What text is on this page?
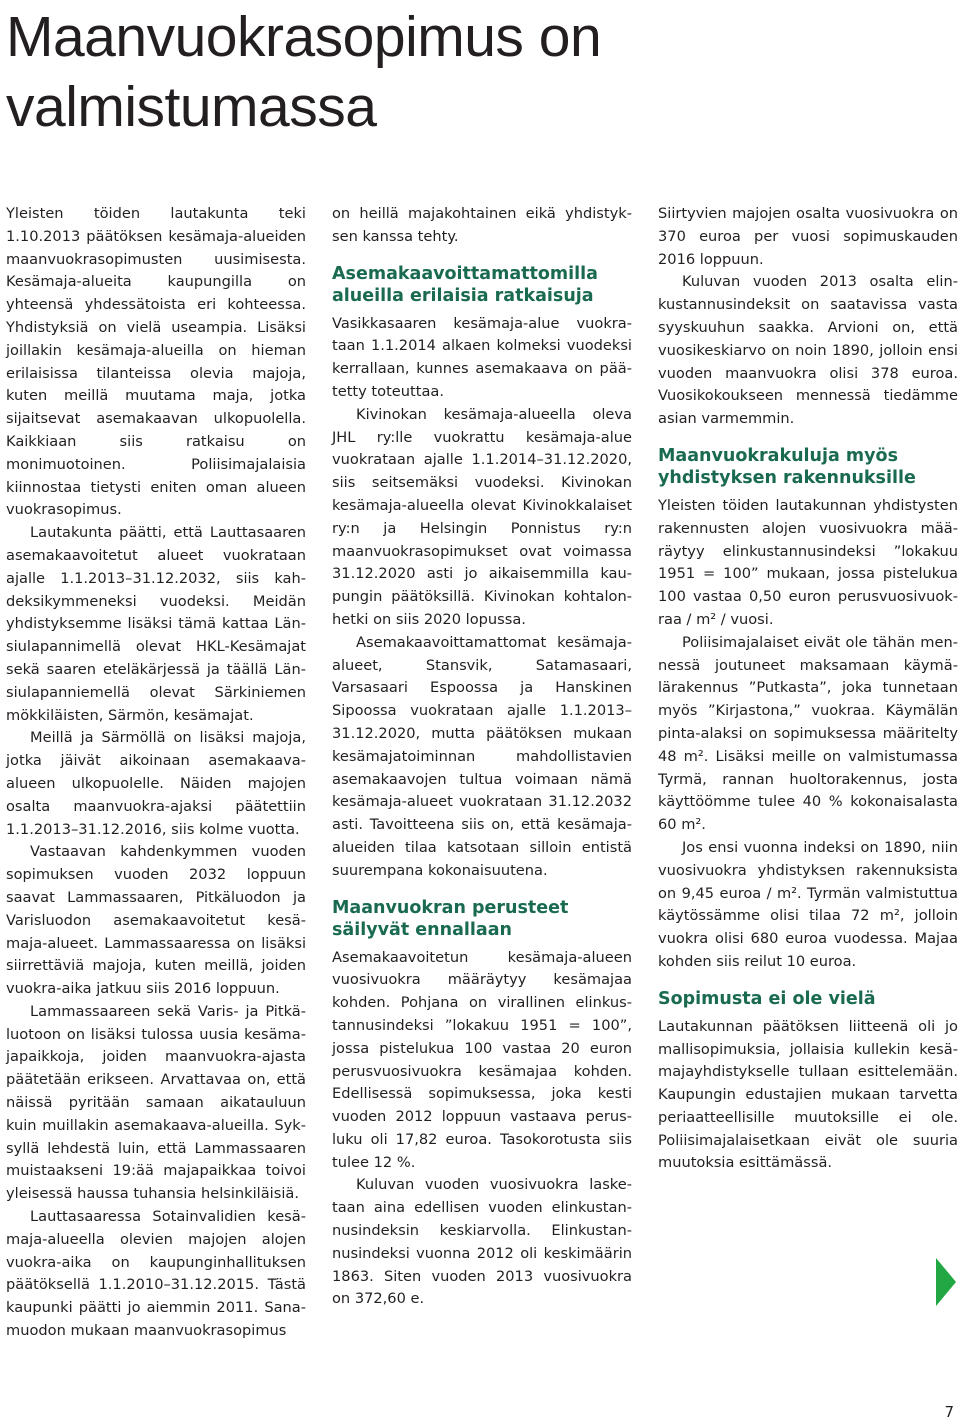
Maanvuokrasopimus on valmistumassa

Yleisten töiden lautakunta teki 1.10.2013 päätöksen kesämaja-alueiden maanvuokrasopimusten uusimisesta. Kesämaja-alueita kaupungilla on yhteensä yhdessätoista eri kohteessa. Yhdistyksiä on vielä useampia. Lisäksi joillakin kesämaja-alueilla on hieman erilaisissa tilanteissa olevia majoja, kuten meillä muutama maja, jotka sijaitsevat asemakaavan ulkopuolella. Kaikkiaan siis ratkaisu on monimuotoinen. Poliisimajalaisia kiinnostaa tietysti eniten oman alueen vuokrasopimus.

Lautakunta päätti, että Lauttasaaren asemakaavoitetut alueet vuokrataan ajalle 1.1.2013–31.12.2032, siis kahdeksikymmeneksi vuodeksi. Meidän yhdistyksemme lisäksi tämä kattaa Länsiulapannimellä olevat HKL-Kesämajat sekä saaren eteläkärjessä ja täällä Länsiulapanniemellä olevat Särkiniemen mökkiläisten, Särmön, kesämajat.

Meillä ja Särmöllä on lisäksi majoja, jotka jäivät aikoinaan asemakaavaalueen ulkopuolelle. Näiden majojen osalta maanvuokra-ajaksi päätettiin 1.1.2013–31.12.2016, siis kolme vuotta.

Vastaavan kahdenkymmen vuoden sopimuksen vuoden 2032 loppuun saavat Lammassaaren, Pitkäluodon ja Varisluodon asemakaavoitetut kesämaja-alueet. Lammassaaressa on lisäksi siirrettäviä majoja, kuten meillä, joiden vuokra-aika jatkuu siis 2016 loppuun.

Lammassaareen sekä Varis- ja Pitkäluotoon on lisäksi tulossa uusia kesämajapaikkoja, joiden maanvuokra-ajasta päätetään erikseen. Arvattavaa on, että näissä pyritään samaan aikatauluun kuin muillakin asemakaava-alueilla. Syksyllä lehdestä luin, että Lammassaaren muistaakseni 19:ää majapaikkaa toivoi yleisessä haussa tuhansia helsinkiläisiä.

Lauttasaaressa Sotainvalidien kesämaja-alueella olevien majojen alojen vuokra-aika on kaupunginhallituksen päätöksellä 1.1.2010–31.12.2015. Tästä kaupunki päätti jo aiemmin 2011. Sanamuodon mukaan maanvuokrasopimus

on heillä majakohtainen eikä yhdistyksen kanssa tehty.

Asemakaavoittamattomilla alueilla erilaisia ratkaisuja

Vasikkasaaren kesämaja-alue vuokrataan 1.1.2014 alkaen kolmeksi vuodeksi kerrallaan, kunnes asemakaava on päätetty toteuttaa.

Kivinokan kesämaja-alueella oleva JHL ry:lle vuokrattu kesämaja-alue vuokrataan ajalle 1.1.2014–31.12.2020, siis seitsemäksi vuodeksi. Kivinokan kesämaja-alueella olevat Kivinokkalaiset ry:n ja Helsingin Ponnistus ry:n maanvuokrasopimukset ovat voimassa 31.12.2020 asti jo aikaisemmilla kaupungin päätöksillä. Kivinokan kohtalonhetki on siis 2020 lopussa.

Asemakaavoittamattomat kesämajaalueet, Stansvik, Satamasaari, Varsasaari Espoossa ja Hanskinen Sipoossa vuokrataan ajalle 1.1.2013–31.12.2020, mutta päätöksen mukaan kesämajatoiminnan mahdollistavien asemakaavojen tultua voimaan nämä kesämaja-alueet vuokrataan 31.12.2032 asti. Tavoitteena siis on, että kesämaja-alueiden tilaa katsotaan silloin entistä suurempana kokonaisuutena.

Maanvuokran perusteet säilyvät ennallaan

Asemakaavoitetun kesämaja-alueen vuosivuokra määräytyy kesämajaa kohden. Pohjana on virallinen elinkustannusindeksi ”lokakuu 1951 = 100”, jossa pistelukua 100 vastaa 20 euron perusvuosivuokra kesämajaa kohden. Edellisessä sopimuksessa, joka kesti vuoden 2012 loppuun vastaava perusluku oli 17,82 euroa. Tasokorotusta siis tulee 12 %.

Kuluvan vuoden vuosivuokra lasketaan aina edellisen vuoden elinkustannusindeksin keskiarvolla. Elinkustannusindeksi vuonna 2012 oli keskimäärin 1863. Siten vuoden 2013 vuosivuokra on 372,60 e.

Siirtyvien majojen osalta vuosivuokra on 370 euroa per vuosi sopimuskauden 2016 loppuun.

Kuluvan vuoden 2013 osalta elinkustannusindeksit on saatavissa vasta syyskuuhun saakka. Arvioni on, että vuosikeskiarvo on noin 1890, jolloin ensi vuoden maanvuokra olisi 378 euroa. Vuosikokoukseen mennessä tiedämme asian varmemmin.

Maanvuokrakuluja myös yhdistyksen rakennuksille

Yleisten töiden lautakunnan yhdistysten rakennusten alojen vuosivuokra määräytyy elinkustannusindeksi ”lokakuu 1951 = 100” mukaan, jossa pistelukua 100 vastaa 0,50 euron perusvuosivuokraa / m² / vuosi.

Poliisimajalaiset eivät ole tähän mennessä joutuneet maksamaan käymälärakennus ”Putkasta”, joka tunnetaan myös ”Kirjastona,” vuokraa. Käymälän pinta-alaksi on sopimuksessa määritelty 48 m². Lisäksi meille on valmistumassa Tyrmä, rannan huoltorakennus, josta käyttöömme tulee 40 % kokonaisalasta 60 m².

Jos ensi vuonna indeksi on 1890, niin vuosivuokra yhdistyksen rakennuksista on 9,45 euroa / m². Tyrmän valmistuttua käytössämme olisi tilaa 72 m², jolloin vuokra olisi 680 euroa vuodessa. Majaa kohden siis reilut 10 euroa.

Sopimusta ei ole vielä

Lautakunnan päätöksen liitteenä oli jo mallisopimuksia, jollaisia kullekin kesämajayhdistykselle tullaan esittelemään. Kaupungin edustajien mukaan tarvetta periaatteellisille muutoksille ei ole. Poliisimajalaisetkaan eivät ole suuria muutoksia esittämässä.

7
